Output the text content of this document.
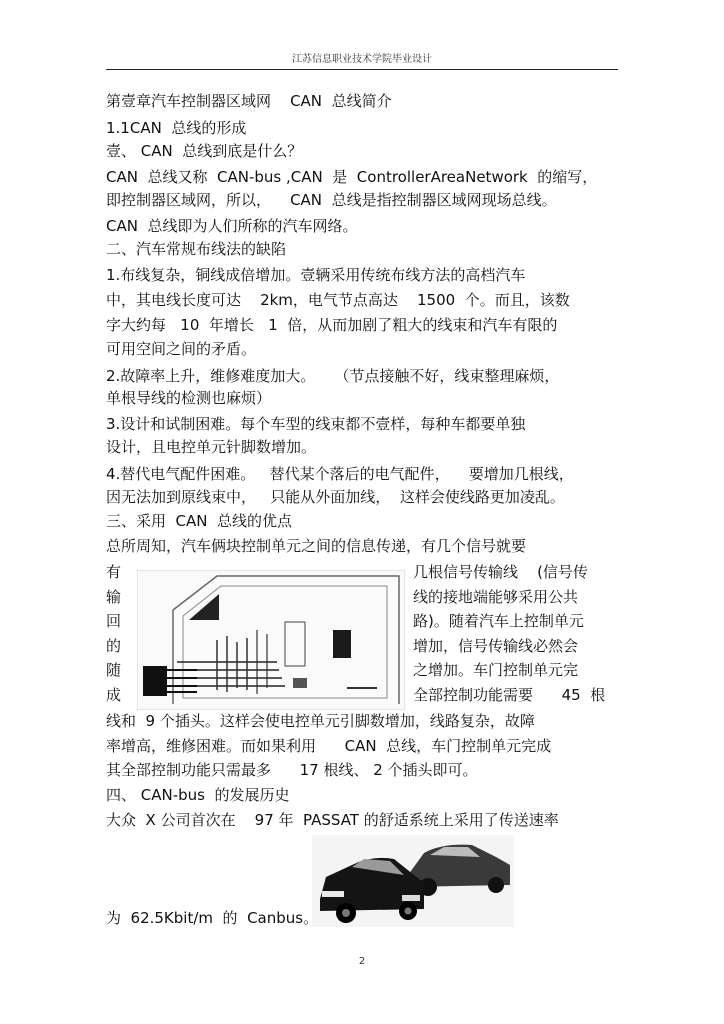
江苏信息职业技术学院毕业设计
第壹章汽车控制器区域网    CAN  总线简介
1.1CAN  总线的形成
壹、 CAN  总线到底是什么？
CAN  总线又称  CAN-bus ,CAN  是  ControllerAreaNetwork  的缩写，
即控制器区域网，所以，    CAN  总线是指控制器区域网现场总线。
CAN  总线即为人们所称的汽车网络。
二、汽车常规布线法的缺陷
1.布线复杂，铜线成倍增加。壹辆采用传统布线方法的高档汽车
中，其电线长度可达    2km，电气节点高达    1500  个。而且，该数
字大约每   10  年增长   1  倍，从而加剧了粗大的线束和汽车有限的
可用空间之间的矛盾。
2.故障率上升，维修难度加大。    （节点接触不好，线束整理麻烦，
单根导线的检测也麻烦）
3.设计和试制困难。每个车型的线束都不壹样，每种车都要单独
设计，且电控单元针脚数增加。
4.替代电气配件困难。   替代某个落后的电气配件，    要增加几根线，
因无法加到原线束中，   只能从外面加线，  这样会使线路更加凌乱。
三、采用  CAN  总线的优点
总所周知，汽车俩块控制单元之间的信息传递，有几个信号就要
有
输
回
的
随
成
几根信号传输线    (信号传
线的接地端能够采用公共
路)。随着汽车上控制单元
增加，信号传输线必然会
之增加。车门控制单元完
全部控制功能需要      45  根
线和  9 个插头。这样会使电控单元引脚数增加，线路复杂，故障
率增高，维修困难。而如果利用      CAN  总线，车门控制单元完成
其全部控制功能只需最多      17 根线、 2 个插头即可。
四、 CAN-bus  的发展历史
大众  X 公司首次在    97 年  PASSAT 的舒适系统上采用了传送速率
为  62.5Kbit/m  的  Canbus。
2
